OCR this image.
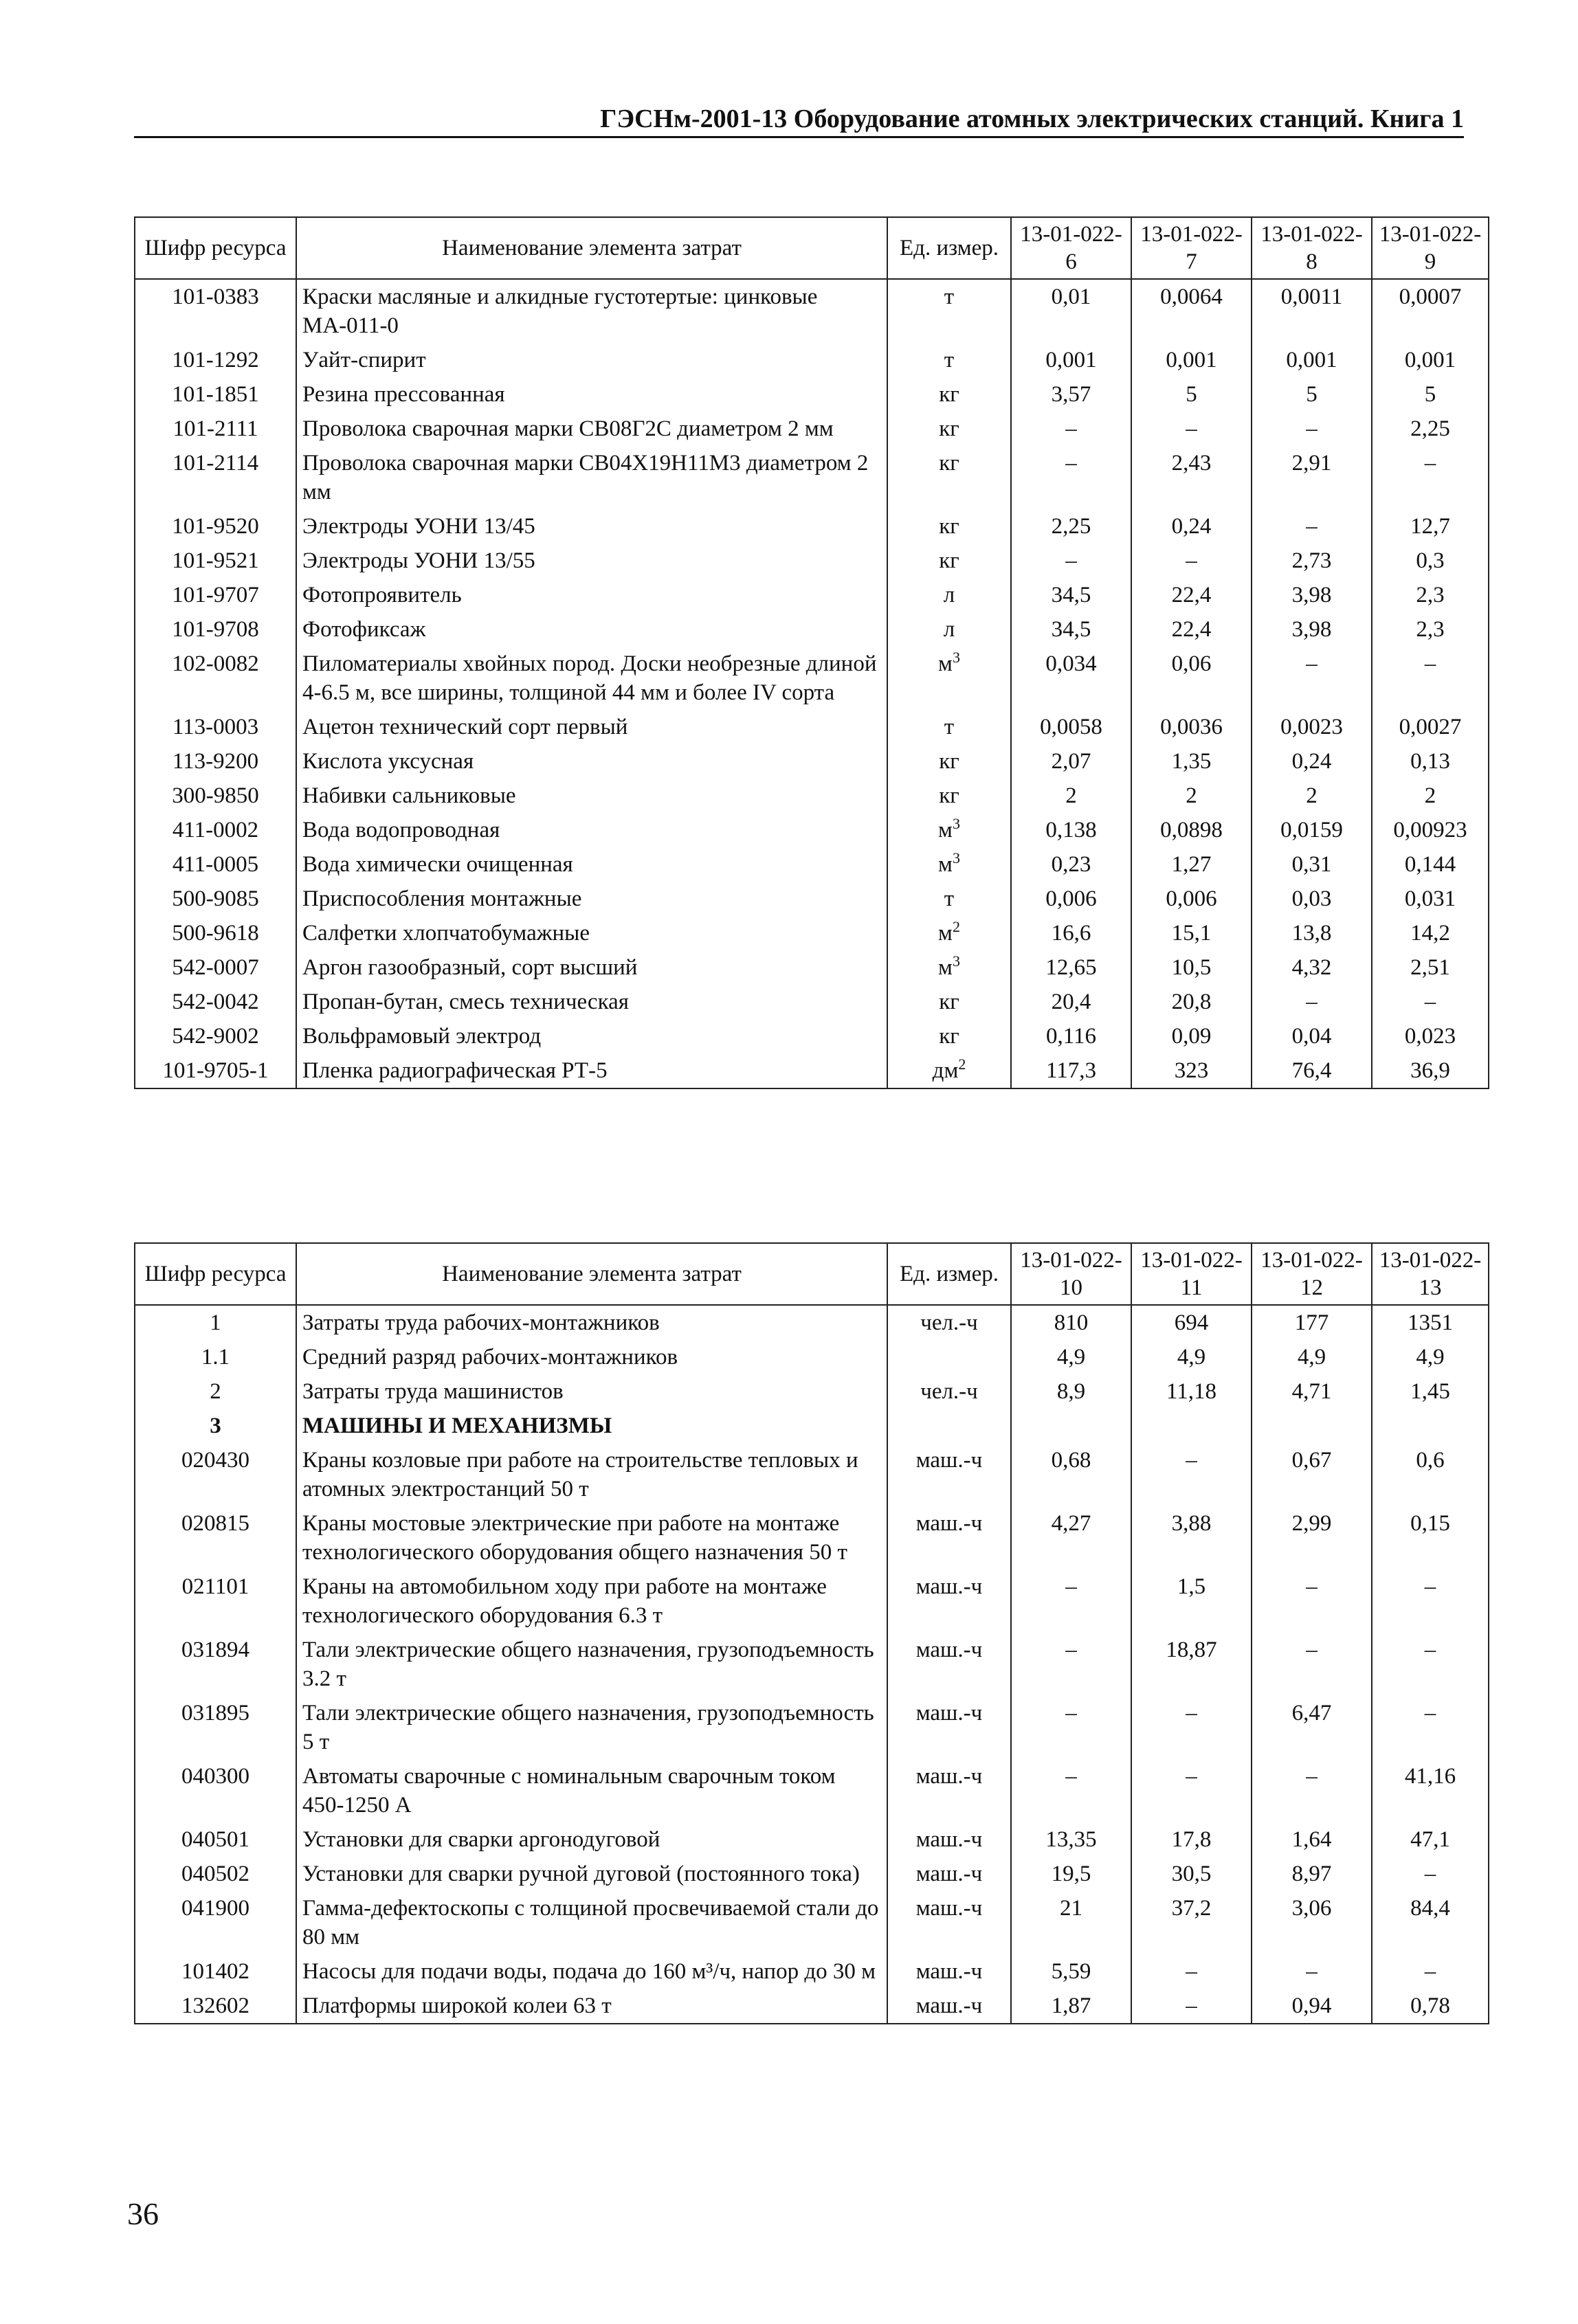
ГЭСНм-2001-13 Оборудование атомных электрических станций. Книга 1
Шифр ресурса	Наименование элемента затрат	Ед. измер.	13-01-022-6	13-01-022-7	13-01-022-8	13-01-022-9
101-0383	Краски масляные и алкидные густотертые: цинковые МА-011-0	т	0,01	0,0064	0,0011	0,0007
101-1292	Уайт-спирит	т	0,001	0,001	0,001	0,001
101-1851	Резина прессованная	кг	3,57	5	5	5
101-2111	Проволока сварочная марки СВ08Г2С диаметром 2 мм	кг	–	–	–	2,25
101-2114	Проволока сварочная марки СВ04Х19Н11М3 диаметром 2 мм	кг	–	2,43	2,91	–
101-9520	Электроды УОНИ 13/45	кг	2,25	0,24	–	12,7
101-9521	Электроды УОНИ 13/55	кг	–	–	2,73	0,3
101-9707	Фотопроявитель	л	34,5	22,4	3,98	2,3
101-9708	Фотофиксаж	л	34,5	22,4	3,98	2,3
102-0082	Пиломатериалы хвойных пород. Доски необрезные длиной 4-6.5 м, все ширины, толщиной 44 мм и более IV сорта	$м^3$	0,034	0,06	–	–
113-0003	Ацетон технический сорт первый	т	0,0058	0,0036	0,0023	0,0027
113-9200	Кислота уксусная	кг	2,07	1,35	0,24	0,13
300-9850	Набивки сальниковые	кг	2	2	2	2
411-0002	Вода водопроводная	$м^3$	0,138	0,0898	0,0159	0,00923
411-0005	Вода химически очищенная	$м^3$	0,23	1,27	0,31	0,144
500-9085	Приспособления монтажные	т	0,006	0,006	0,03	0,031
500-9618	Салфетки хлопчатобумажные	$м^2$	16,6	15,1	13,8	14,2
542-0007	Аргон газообразный, сорт высший	$м^3$	12,65	10,5	4,32	2,51
542-0042	Пропан-бутан, смесь техническая	кг	20,4	20,8	–	–
542-9002	Вольфрамовый электрод	кг	0,116	0,09	0,04	0,023
101-9705-1	Пленка радиографическая РТ-5	$дм^2$	117,3	323	76,4	36,9
Шифр ресурса	Наименование элемента затрат	Ед. измер.	13-01-022-10	13-01-022-11	13-01-022-12	13-01-022-13
1	Затраты труда рабочих-монтажников	чел.-ч	810	694	177	1351
1.1	Средний разряд рабочих-монтажников		4,9	4,9	4,9	4,9
2	Затраты труда машинистов	чел.-ч	8,9	11,18	4,71	1,45
3	МАШИНЫ И МЕХАНИЗМЫ					
020430	Краны козловые при работе на строительстве тепловых и атомных электростанций 50 т	маш.-ч	0,68	–	0,67	0,6
020815	Краны мостовые электрические при работе на монтаже технологического оборудования общего назначения 50 т	маш.-ч	4,27	3,88	2,99	0,15
021101	Краны на автомобильном ходу при работе на монтаже технологического оборудования 6.3 т	маш.-ч	–	1,5	–	–
031894	Тали электрические общего назначения, грузоподъемность 3.2 т	маш.-ч	–	18,87	–	–
031895	Тали электрические общего назначения, грузоподъемность 5 т	маш.-ч	–	–	6,47	–
040300	Автоматы сварочные с номинальным сварочным током 450-1250 А	маш.-ч	–	–	–	41,16
040501	Установки для сварки аргонодуговой	маш.-ч	13,35	17,8	1,64	47,1
040502	Установки для сварки ручной дуговой (постоянного тока)	маш.-ч	19,5	30,5	8,97	–
041900	Гамма-дефектоскопы с толщиной просвечиваемой стали до 80 мм	маш.-ч	21	37,2	3,06	84,4
101402	Насосы для подачи воды, подача до 160 м³/ч, напор до 30 м	маш.-ч	5,59	–	–	–
132602	Платформы широкой колеи 63 т	маш.-ч	1,87	–	0,94	0,78
36
